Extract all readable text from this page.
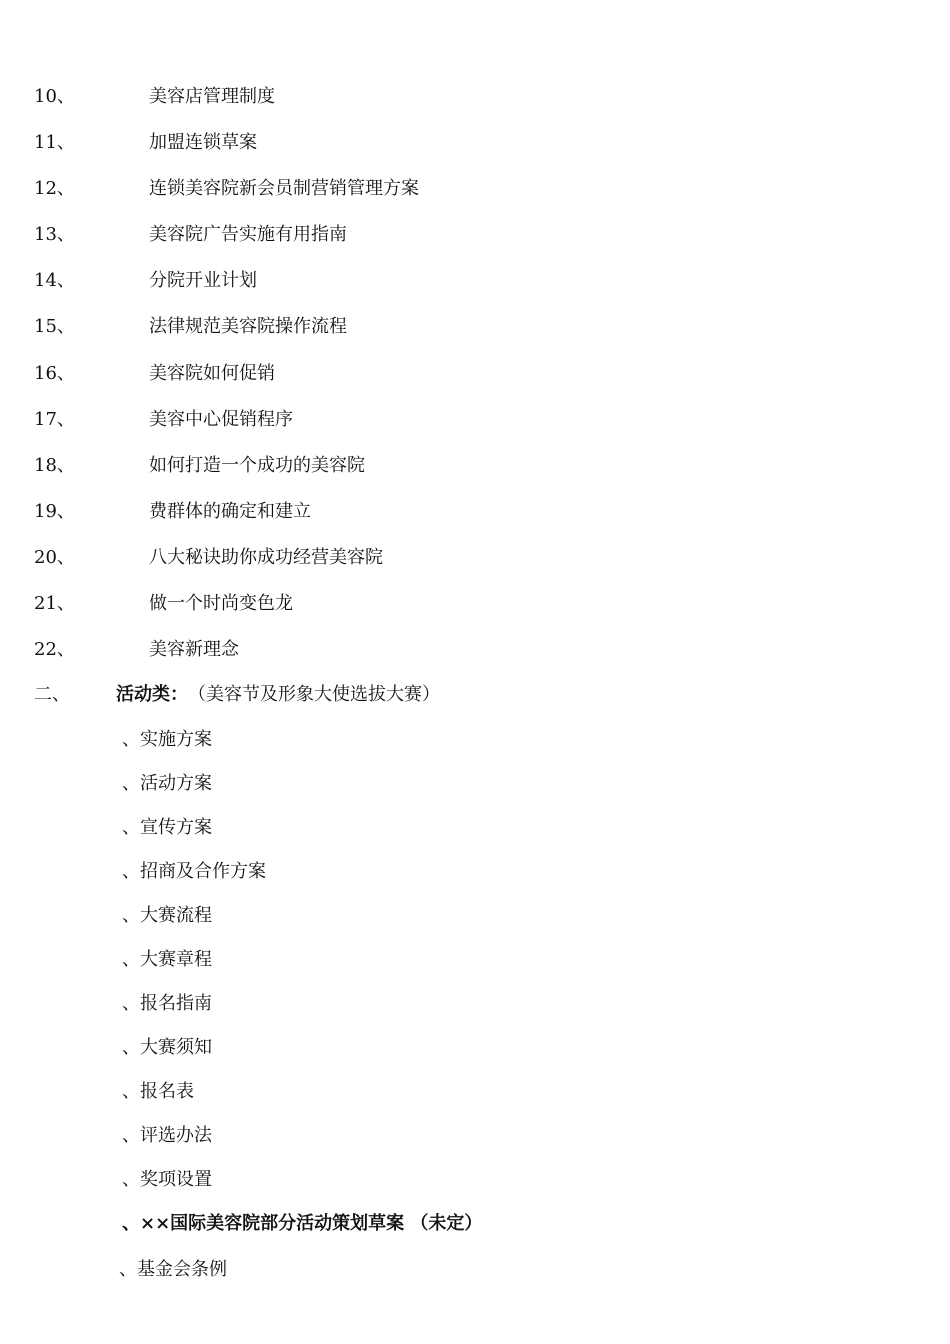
10、	美容店管理制度
11、	加盟连锁草案
12、	连锁美容院新会员制营销管理方案
13、	美容院广告实施有用指南
14、	分院开业计划
15、	法律规范美容院操作流程
16、	美容院如何促销
17、	美容中心促销程序
18、	如何打造一个成功的美容院
19、	费群体的确定和建立
20、	八大秘诀助你成功经营美容院
21、	做一个时尚变色龙
22、	美容新理念
二、	活动类： （美容节及形象大使选拔大赛）
、实施方案
、活动方案
、宣传方案
、招商及合作方案
、大赛流程
、大赛章程
、报名指南
、大赛须知
、报名表
、评选办法
、奖项设置
、××国际美容院部分活动策划草案 （未定）
、基金会条例
